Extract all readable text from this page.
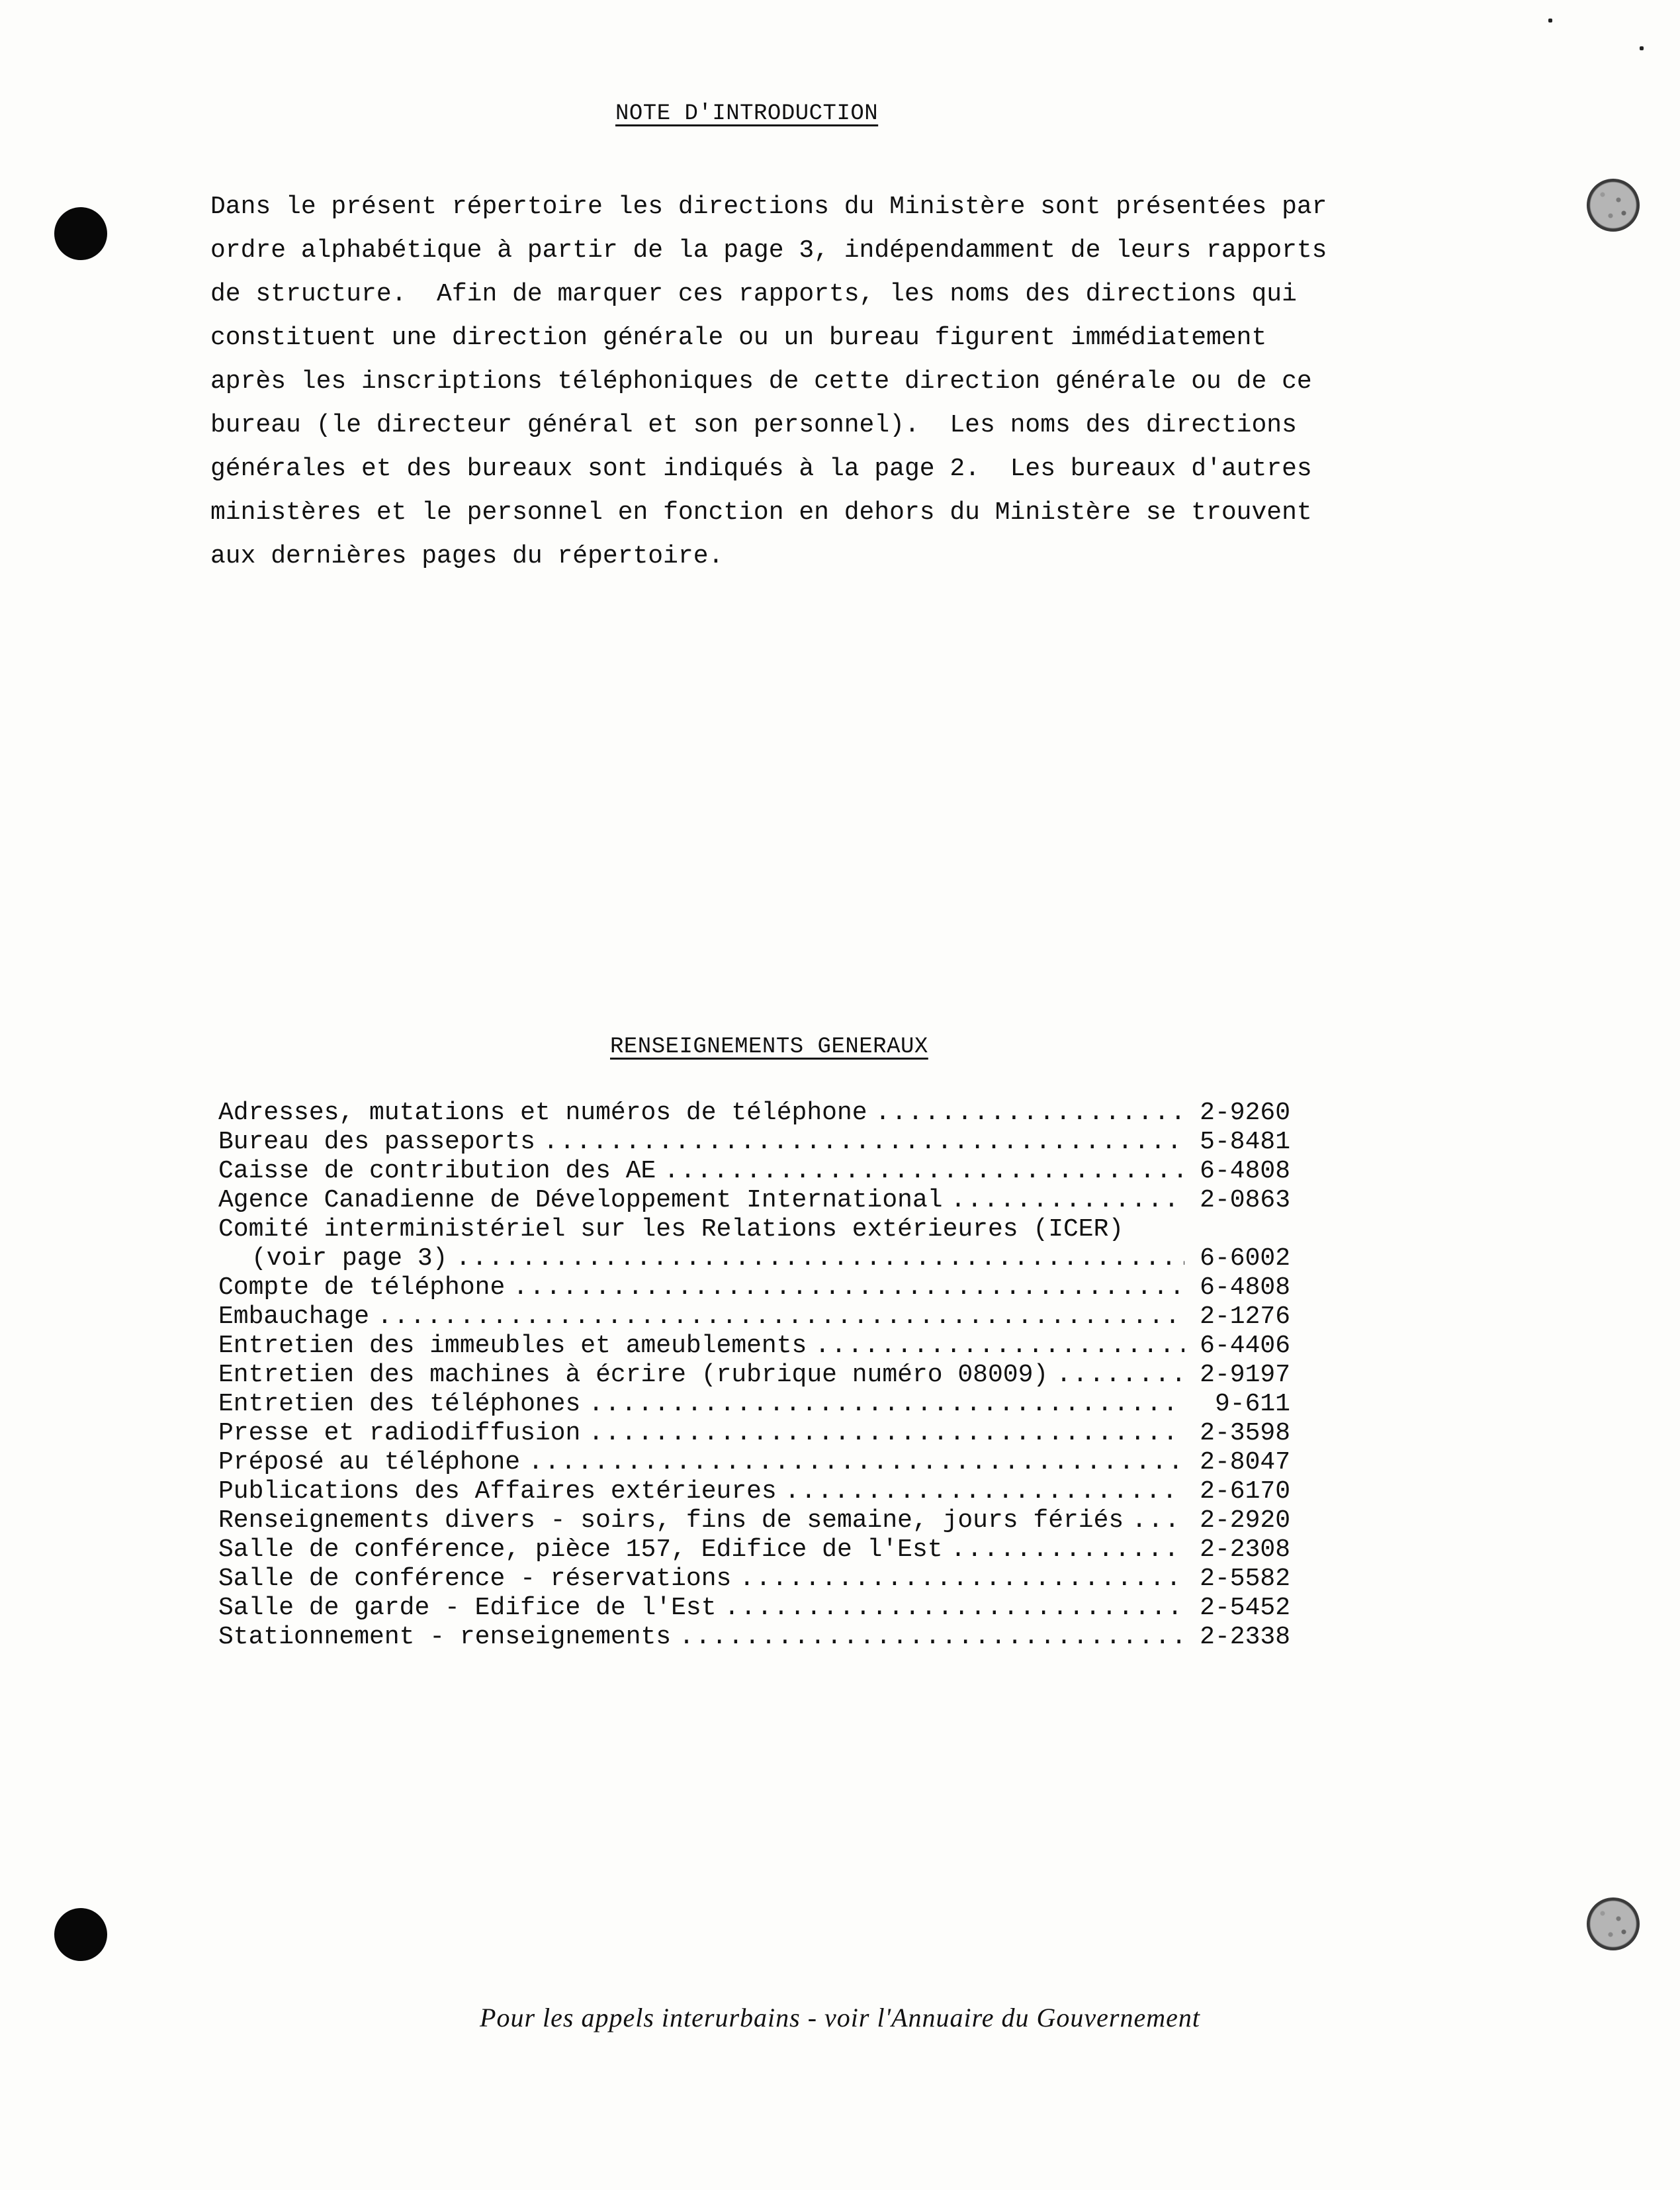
NOTE D'INTRODUCTION
Dans le présent répertoire les directions du Ministère sont présentées par
ordre alphabétique à partir de la page 3, indépendamment de leurs rapports
de structure.  Afin de marquer ces rapports, les noms des directions qui
constituent une direction générale ou un bureau figurent immédiatement
après les inscriptions téléphoniques de cette direction générale ou de ce
bureau (le directeur général et son personnel).  Les noms des directions
générales et des bureaux sont indiqués à la page 2.  Les bureaux d'autres
ministères et le personnel en fonction en dehors du Ministère se trouvent
aux dernières pages du répertoire.
RENSEIGNEMENTS GENERAUX
Adresses, mutations et numéros de téléphone .....	2-9260
Bureau des passeports .....	5-8481
Caisse de contribution des AE .....	6-4808
Agence Canadienne de Développement International .....	2-0863
Comité interministériel sur les Relations extérieures (ICER)
(voir page 3) .....	6-6002
Compte de téléphone .....	6-4808
Embauchage .....	2-1276
Entretien des immeubles et ameublements .....	6-4406
Entretien des machines à écrire (rubrique numéro 08009) .....	2-9197
Entretien des téléphones .....	9-611
Presse et radiodiffusion .....	2-3598
Préposé au téléphone .....	2-8047
Publications des Affaires extérieures .....	2-6170
Renseignements divers - soirs, fins de semaine, jours fériés .....	2-2920
Salle de conférence, pièce 157, Edifice de l'Est .....	2-2308
Salle de conférence - réservations .....	2-5582
Salle de garde - Edifice de l'Est .....	2-5452
Stationnement - renseignements .....	2-2338
Pour les appels interurbains - voir l'Annuaire du Gouvernement
